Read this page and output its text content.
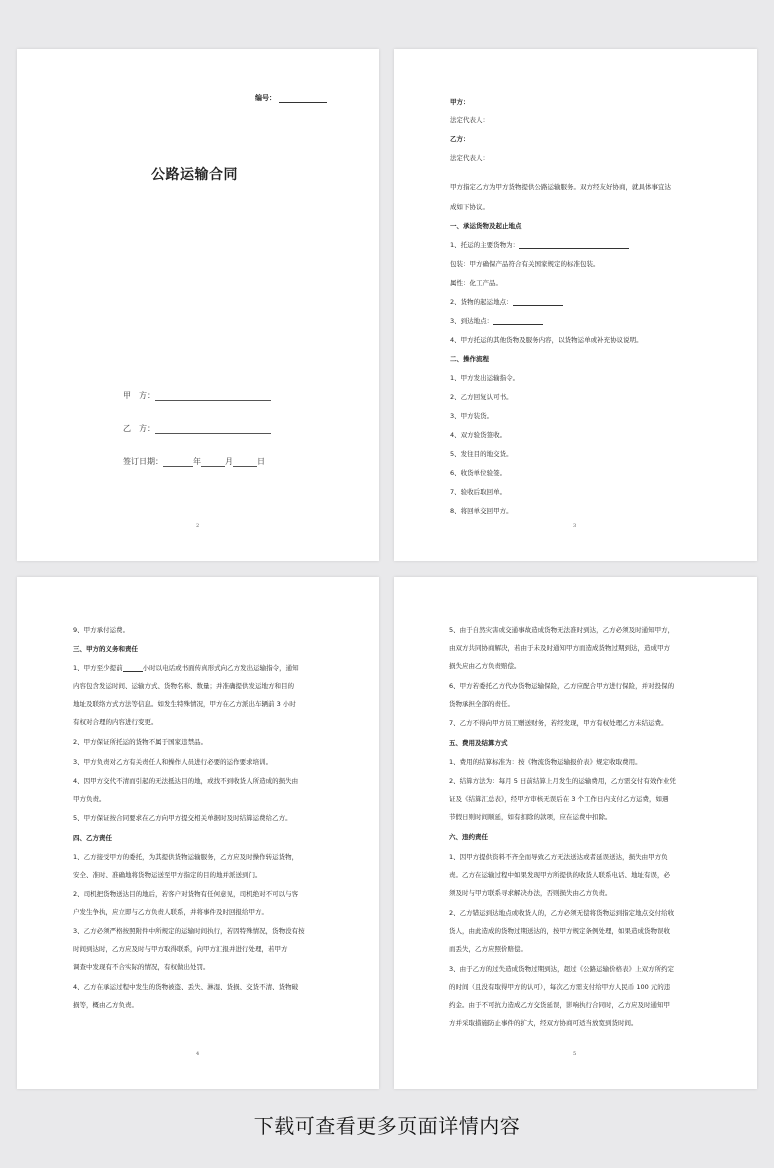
编号：
公路运输合同
甲　方：
乙　方：
签订日期：	年	月	日
2
甲方：
法定代表人：
乙方：
法定代表人：
甲方指定乙方为甲方货物提供公路运输服务。双方经友好协商，就具体事宜达
成如下协议。
一、承运货物及起止地点
1、托运的主要货物为：
包装：甲方确保产品符合有关国家规定的标准包装。
属性：化工产品。
2、货物的起运地点：
3、到达地点：
4、甲方托运的其他货物及服务内容，以货物运单或补充协议说明。
二、操作流程
1、甲方发出运输指令。
2、乙方回复认可书。
3、甲方装货。
4、双方验货签收。
5、发往目的地交货。
6、收货单位验签。
7、验收后取回单。
8、将回单交回甲方。
3
9、甲方承付运费。
三、甲方的义务和责任
1、甲方至少提前	小时以电话或书面传真形式向乙方发出运输指令，通知
内容包含发运时间、运输方式、货物名称、数量；并准确提供发运地方和目的
地址及联络方式方法等信息。如发生特殊情况，甲方在乙方派出车辆前 3 小时
有权对合理的内容进行变更。
2、甲方保证所托运的货物不属于国家违禁品。
3、甲方负责对乙方有关责任人和操作人员进行必要的运作要求培训。
4、因甲方交代不清而引起的无法抵达目的地，或找不到收货人所造成的损失由
甲方负责。
5、甲方保证按合同要求在乙方向甲方提交相关单据时及时结算运费给乙方。
四、乙方责任
1、乙方接受甲方的委托，为其提供货物运输服务，乙方应及时操作转运货物，
安全、准时、准确地将货物运送至甲方指定的目的地并派送到门。
2、司机把货物送达目的地后，若客户对货物有任何意见，司机绝对不可以与客
户发生争执，应立即与乙方负责人联系，并将事件及时回报给甲方。
3、乙方必须严格按照附件中所规定的运输时间执行，若因特殊情况，货物没有按
时间到达时，乙方应及时与甲方取得联系，向甲方汇报并进行处理，若甲方
调查中发现有不合实际的情况，有权做出处罚。
4、乙方在承运过程中发生的货物被盗、丢失、淋湿、货损、交货不清、货物破
损等，概由乙方负责。
4
5、由于自然灾害或交通事故造成货物无法准时到达，乙方必须及时通知甲方，
由双方共同协商解决，若由于未及时通知甲方而造成货物过期到达，造成甲方
损失应由乙方负责赔偿。
6、甲方若委托乙方代办货物运输保险，乙方应配合甲方进行保险，并对投保的
货物承担全部的责任。
7、乙方不得向甲方员工赠送财务，若经发现，甲方有权处理乙方未结运费。
五、费用及结算方式
1、费用的结算标准为：按《物流货物运输报价表》规定收取费用。
2、结算方法为：每月 5 日前结算上月发生的运输费用，乙方需交付有效作业凭
证及《结算汇总表》，经甲方审核无误后在 3 个工作日内支付乙方运费，如遇
节假日则时间顺延，如有扣除的款项，应在运费中扣除。
六、违约责任
1、因甲方提供资料不齐全而导致乙方无法送达或者延误送达，损失由甲方负
责。乙方在运输过程中如果发现甲方所提供的收货人联系电话、地址有误，必
须及时与甲方联系寻求解决办法，否则损失由乙方负责。
2、乙方错运到达地点或收货人的，乙方必须无偿将货物运到指定地点交付给收
货人，由此造成的货物过期送达的，按甲方规定条例处理，如果造成货物误收
而丢失，乙方应照价赔偿。
3、由于乙方的过失造成货物过期到达，超过《公路运输价格表》上双方所约定
的时间（且没有取得甲方的认可），每次乙方需支付给甲方人民币 100 元的违
约金。由于不可抗力造成乙方交货延误，影响执行合同时，乙方应及时通知甲
方并采取措施防止事件的扩大，经双方协商可适当放宽到货时间。
5
下载可查看更多页面详情内容
